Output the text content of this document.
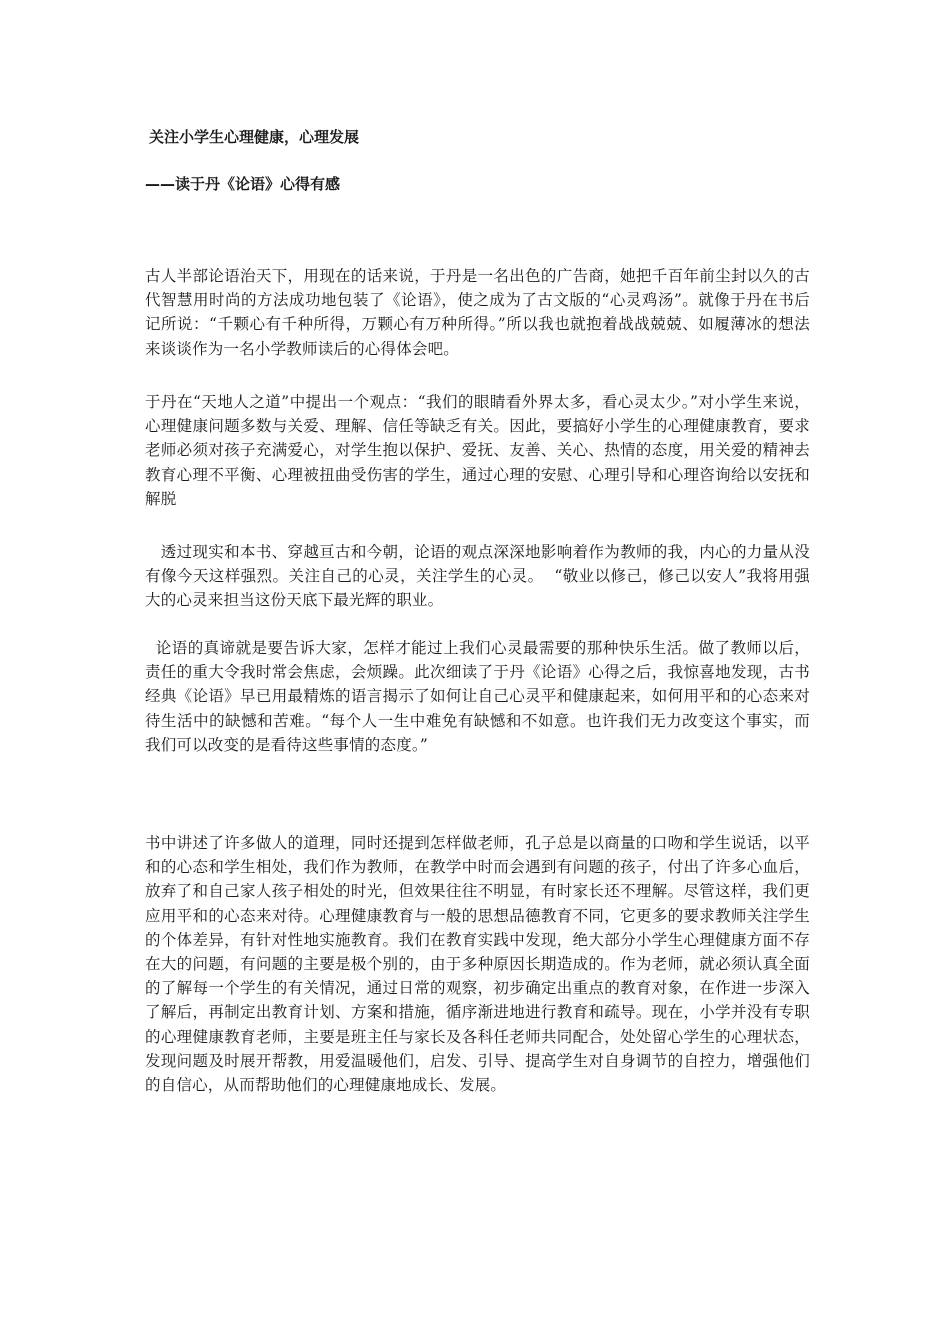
关注小学生心理健康，心理发展
——读于丹《论语》心得有感

古人半部论语治天下，用现在的话来说，于丹是一名出色的广告商，她把千百年前尘封以久的古代智慧用时尚的方法成功地包装了《论语》，使之成为了古文版的“心灵鸡汤”。就像于丹在书后记所说：“千颗心有千种所得，万颗心有万种所得。”所以我也就抱着战战兢兢、如履薄冰的想法来谈谈作为一名小学教师读后的心得体会吧。

于丹在“天地人之道”中提出一个观点：“我们的眼睛看外界太多，看心灵太少。”对小学生来说，心理健康问题多数与关爱、理解、信任等缺乏有关。因此，要搞好小学生的心理健康教育，要求老师必须对孩子充满爱心，对学生抱以保护、爱抚、友善、关心、热情的态度，用关爱的精神去教育心理不平衡、心理被扭曲受伤害的学生，通过心理的安慰、心理引导和心理咨询给以安抚和解脱

透过现实和本书、穿越亘古和今朝，论语的观点深深地影响着作为教师的我，内心的力量从没有像今天这样强烈。关注自己的心灵，关注学生的心灵。  “敬业以修己，修己以安人”我将用强大的心灵来担当这份天底下最光辉的职业。

论语的真谛就是要告诉大家，怎样才能过上我们心灵最需要的那种快乐生活。做了教师以后，责任的重大令我时常会焦虑，会烦躁。此次细读了于丹《论语》心得之后，我惊喜地发现，古书经典《论语》早已用最精炼的语言揭示了如何让自己心灵平和健康起来，如何用平和的心态来对待生活中的缺憾和苦难。“每个人一生中难免有缺憾和不如意。也许我们无力改变这个事实，而我们可以改变的是看待这些事情的态度。”

书中讲述了许多做人的道理，同时还提到怎样做老师，孔子总是以商量的口吻和学生说话，以平和的心态和学生相处，我们作为教师，在教学中时而会遇到有问题的孩子，付出了许多心血后，放弃了和自己家人孩子相处的时光，但效果往往不明显，有时家长还不理解。尽管这样，我们更应用平和的心态来对待。心理健康教育与一般的思想品德教育不同，它更多的要求教师关注学生的个体差异，有针对性地实施教育。我们在教育实践中发现，绝大部分小学生心理健康方面不存在大的问题，有问题的主要是极个别的，由于多种原因长期造成的。作为老师，就必须认真全面的了解每一个学生的有关情况，通过日常的观察，初步确定出重点的教育对象，在作进一步深入了解后，再制定出教育计划、方案和措施，循序渐进地进行教育和疏导。现在，小学并没有专职的心理健康教育老师，主要是班主任与家长及各科任老师共同配合，处处留心学生的心理状态，发现问题及时展开帮教，用爱温暖他们，启发、引导、提高学生对自身调节的自控力，增强他们的自信心，从而帮助他们的心理健康地成长、发展。
